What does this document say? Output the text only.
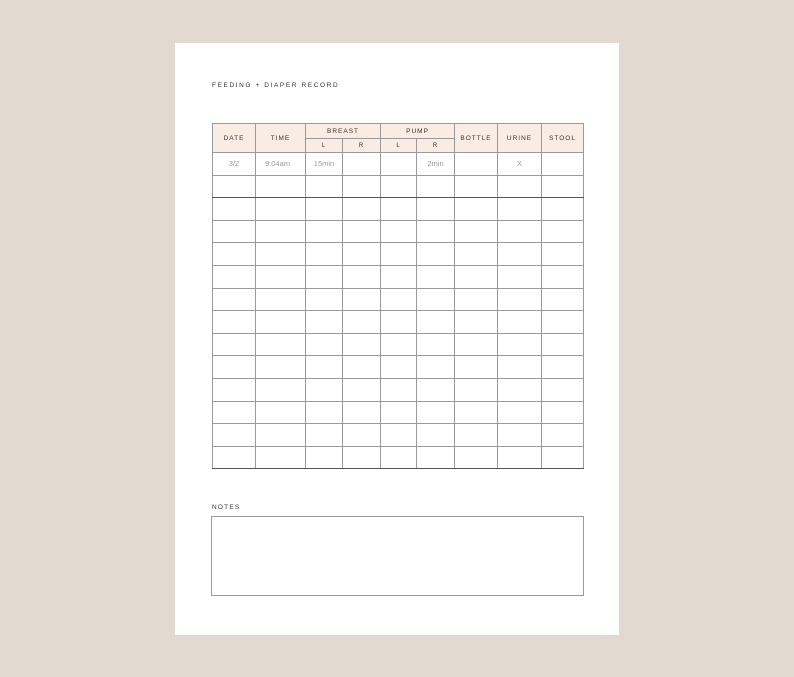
FEEDING + DIAPER RECORD
DATE	TIME	BREAST		PUMP		BOTTLE	URINE	STOOL
		L	R	L	R			
3/2	9:04am	15min			2min		X	

NOTES
